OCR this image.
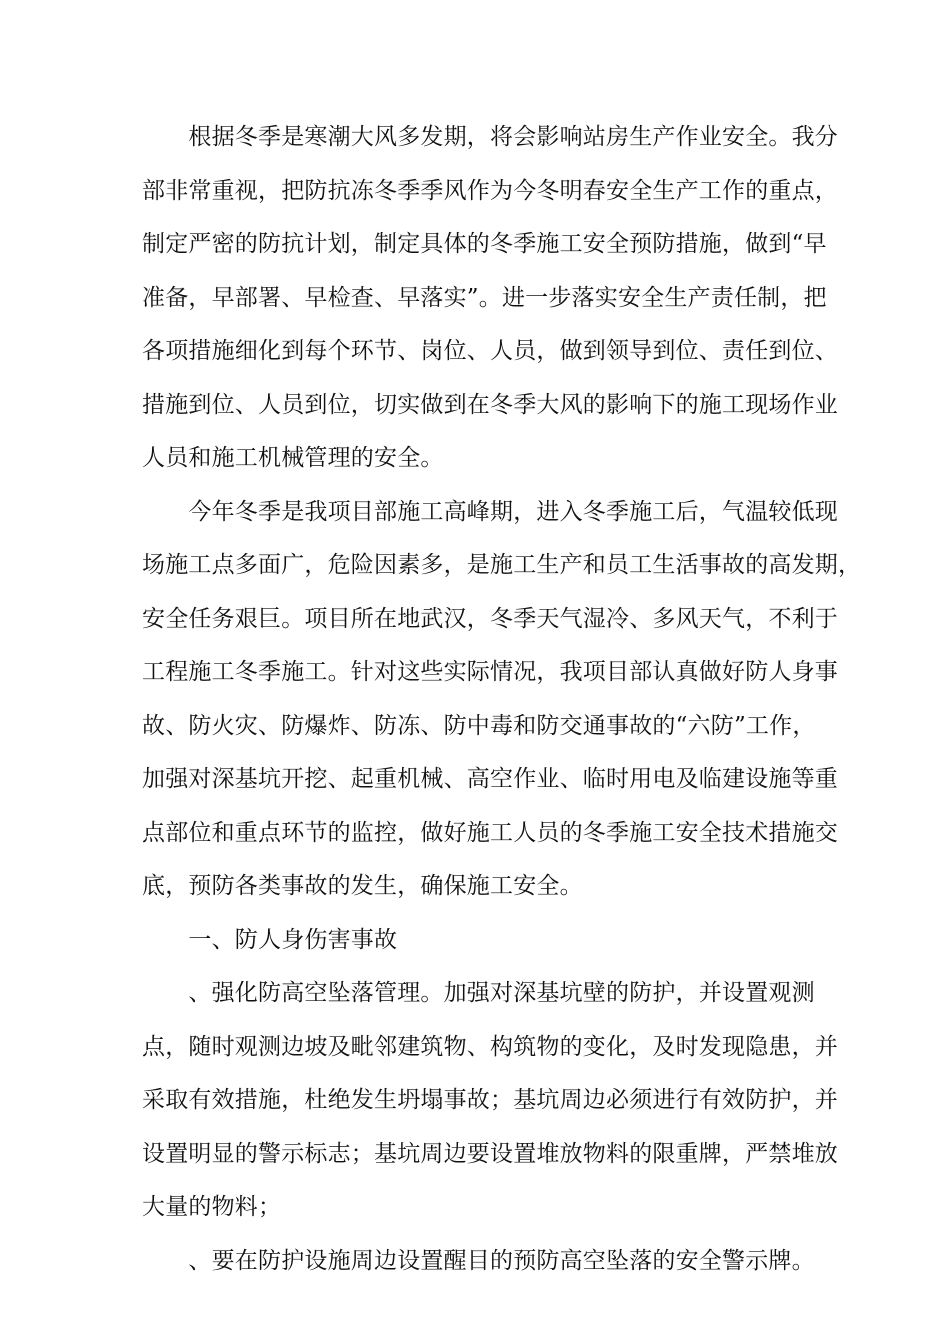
　　根据冬季是寒潮大风多发期，将会影响站房生产作业安全。我分
部非常重视，把防抗冻冬季季风作为今冬明春安全生产工作的重点，
制定严密的防抗计划，制定具体的冬季施工安全预防措施，做到“早
准备，早部署、早检查、早落实”。进一步落实安全生产责任制，把
各项措施细化到每个环节、岗位、人员，做到领导到位、责任到位、
措施到位、人员到位，切实做到在冬季大风的影响下的施工现场作业
人员和施工机械管理的安全。
　　今年冬季是我项目部施工高峰期，进入冬季施工后，气温较低现
场施工点多面广，危险因素多，是施工生产和员工生活事故的高发期，
安全任务艰巨。项目所在地武汉，冬季天气湿冷、多风天气，不利于
工程施工冬季施工。针对这些实际情况，我项目部认真做好防人身事
故、防火灾、防爆炸、防冻、防中毒和防交通事故的“六防”工作，
加强对深基坑开挖、起重机械、高空作业、临时用电及临建设施等重
点部位和重点环节的监控，做好施工人员的冬季施工安全技术措施交
底，预防各类事故的发生，确保施工安全。
　　一、防人身伤害事故
　　、强化防高空坠落管理。加强对深基坑壁的防护，并设置观测
点，随时观测边坡及毗邻建筑物、构筑物的变化，及时发现隐患，并
采取有效措施，杜绝发生坍塌事故；基坑周边必须进行有效防护，并
设置明显的警示标志；基坑周边要设置堆放物料的限重牌，严禁堆放
大量的物料；
　　、要在防护设施周边设置醒目的预防高空坠落的安全警示牌。
